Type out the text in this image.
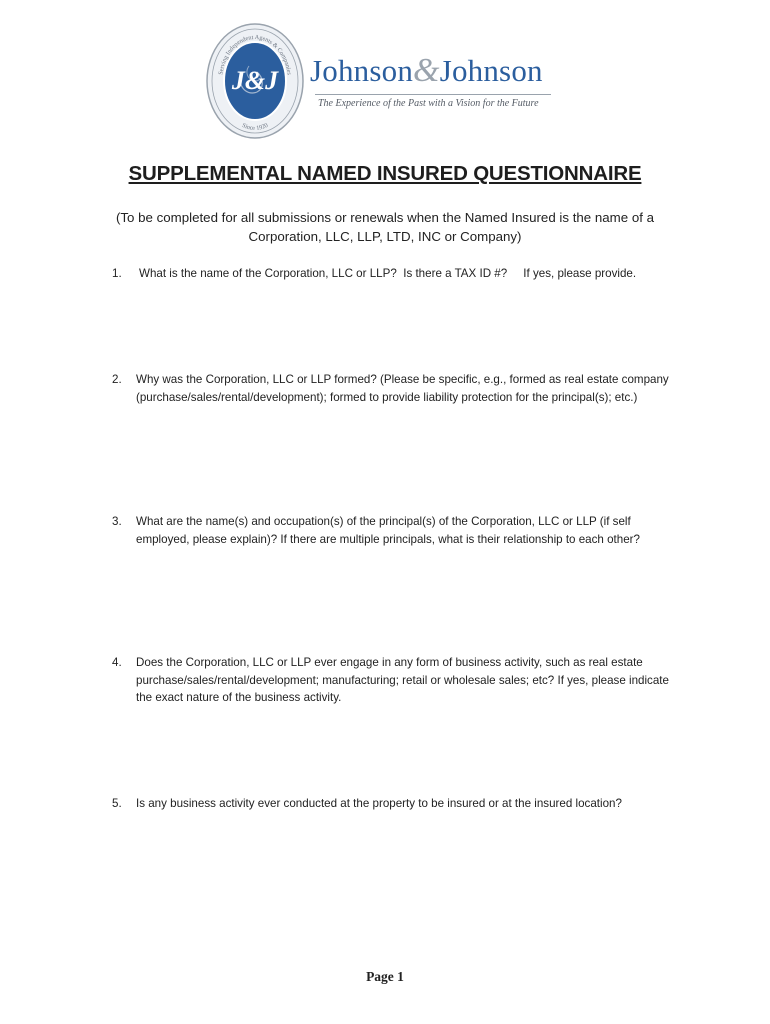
Serving Independent Agents & Companies
Since 1920
J&J Johnson&Johnson
The Experience of the Past with a Vision for the Future
SUPPLEMENTAL NAMED INSURED QUESTIONNAIRE
(To be completed for all submissions or renewals when the Named Insured is the name of a Corporation, LLC, LLP, LTD, INC or Company)
1.	What is the name of the Corporation, LLC or LLP?  Is there a TAX ID #?     If yes, please provide.
2.	Why was the Corporation, LLC or LLP formed? (Please be specific, e.g., formed as real estate company (purchase/sales/rental/development); formed to provide liability protection for the principal(s); etc.)
3.	What are the name(s) and occupation(s) of the principal(s) of the Corporation, LLC or LLP (if self employed, please explain)? If there are multiple principals, what is their relationship to each other?
4.	Does the Corporation, LLC or LLP ever engage in any form of business activity, such as real estate purchase/sales/rental/development; manufacturing; retail or wholesale sales; etc? If yes, please indicate the exact nature of the business activity.
5.	Is any business activity ever conducted at the property to be insured or at the insured location?
Page 1
